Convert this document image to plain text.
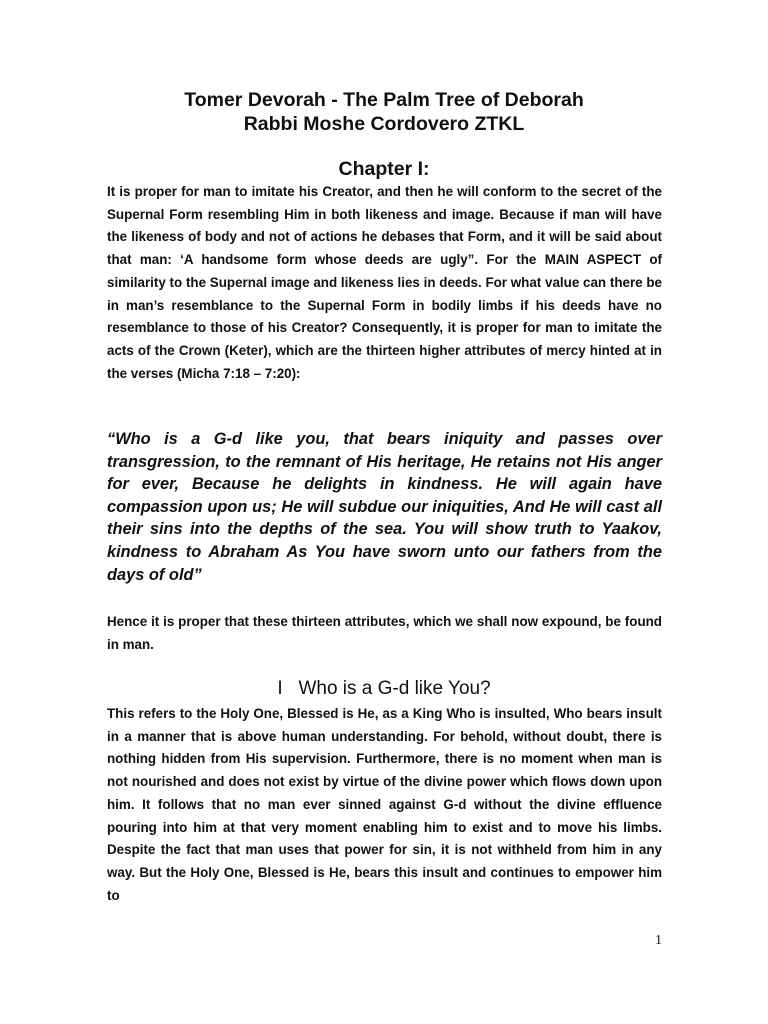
Tomer Devorah - The Palm Tree of Deborah
Rabbi Moshe Cordovero ZTKL
Chapter I:

It is proper for man to imitate his Creator, and then he will conform to the secret of the Supernal Form resembling Him in both likeness and image. Because if man will have the likeness of body and not of actions he debases that Form, and it will be said about that man: ‘A handsome form whose deeds are ugly”. For the MAIN ASPECT of similarity to the Supernal image and likeness lies in deeds. For what value can there be in man’s resemblance to the Supernal Form in bodily limbs if his deeds have no resemblance to those of his Creator? Consequently, it is proper for man to imitate the acts of the Crown (Keter), which are the thirteen higher attributes of mercy hinted at in the verses (Micha 7:18 – 7:20):

“Who is a G-d like you, that bears iniquity and passes over transgression, to the remnant of His heritage, He retains not His anger for ever, Because he delights in kindness. He will again have compassion upon us; He will subdue our iniquities, And He will cast all their sins into the depths of the sea. You will show truth to Yaakov, kindness to Abraham As You have sworn unto our fathers from the days of old”

Hence it is proper that these thirteen attributes, which we shall now expound, be found in man.

I   Who is a G-d like You?

This refers to the Holy One, Blessed is He, as a King Who is insulted, Who bears insult in a manner that is above human understanding. For behold, without doubt, there is nothing hidden from His supervision. Furthermore, there is no moment when man is not nourished and does not exist by virtue of the divine power which flows down upon him. It follows that no man ever sinned against G-d without the divine effluence pouring into him at that very moment enabling him to exist and to move his limbs. Despite the fact that man uses that power for sin, it is not withheld from him in any way. But the Holy One, Blessed is He, bears this insult and continues to empower him to

1
